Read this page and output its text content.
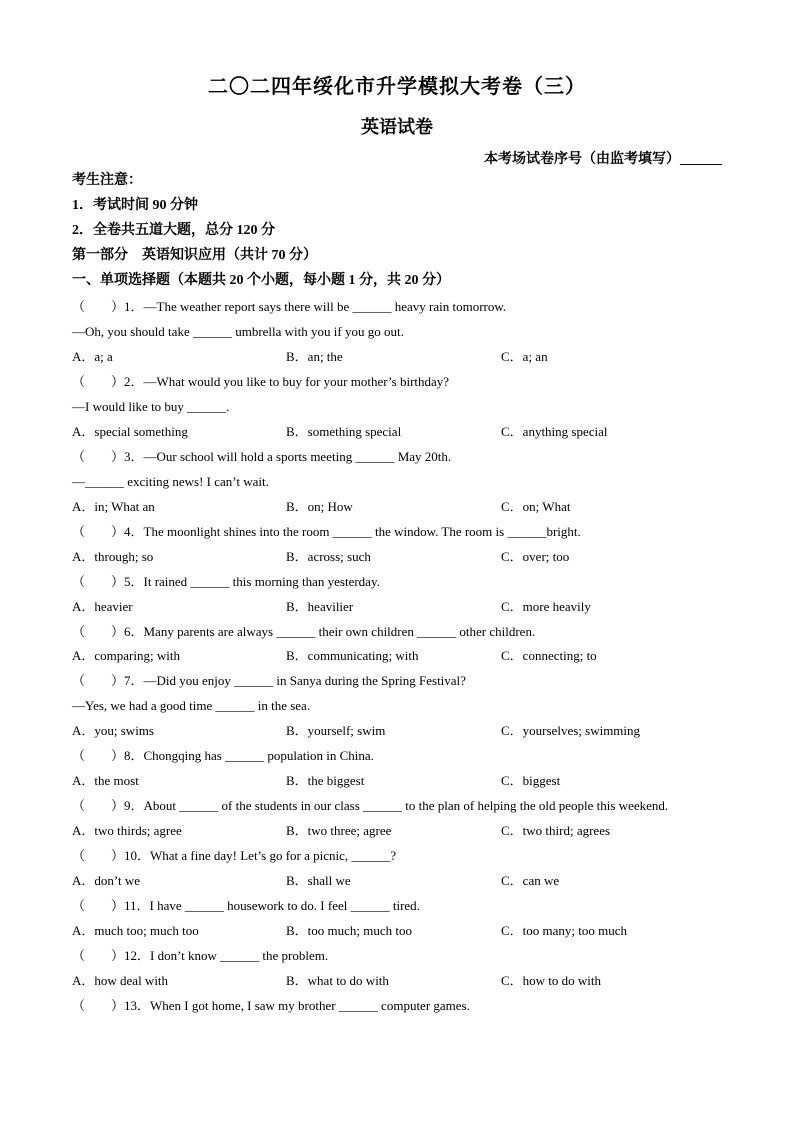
二〇二四年绥化市升学模拟大考卷（三）
英语试卷
本考场试卷序号（由监考填写）______
考生注意：
1．考试时间 90 分钟
2．全卷共五道大题，总分 120 分
第一部分　英语知识应用（共计 70 分）
一、单项选择题（本题共 20 个小题，每小题 1 分，共 20 分）
（　　）1．—The weather report says there will be ______ heavy rain tomorrow.
—Oh, you should take ______ umbrella with you if you go out.
A．a; a	B．an; the	C．a; an
（　　）2．—What would you like to buy for your mother’s birthday?
—I would like to buy ______.
A．special something	B．something special	C．anything special
（　　）3．—Our school will hold a sports meeting ______ May 20th.
—______ exciting news! I can’t wait.
A．in; What an	B．on; How	C．on; What
（　　）4．The moonlight shines into the room ______ the window. The room is ______bright.
A．through; so	B．across; such	C．over; too
（　　）5．It rained ______ this morning than yesterday.
A．heavier	B．heavilier	C．more heavily
（　　）6．Many parents are always ______ their own children ______ other children.
A．comparing; with	B．communicating; with	C．connecting; to
（　　）7．—Did you enjoy ______ in Sanya during the Spring Festival?
—Yes, we had a good time ______ in the sea.
A．you; swims	B．yourself; swim	C．yourselves; swimming
（　　）8．Chongqing has ______ population in China.
A．the most	B．the biggest	C．biggest
（　　）9．About ______ of the students in our class ______ to the plan of helping the old people this weekend.
A．two thirds; agree	B．two three; agree	C．two third; agrees
（　　）10．What a fine day! Let’s go for a picnic, ______?
A．don’t we	B．shall we	C．can we
（　　）11．I have ______ housework to do. I feel ______ tired.
A．much too; much too	B．too much; much too	C．too many; too much
（　　）12．I don’t know ______ the problem.
A．how deal with	B．what to do with	C．how to do with
（　　）13．When I got home, I saw my brother ______ computer games.
